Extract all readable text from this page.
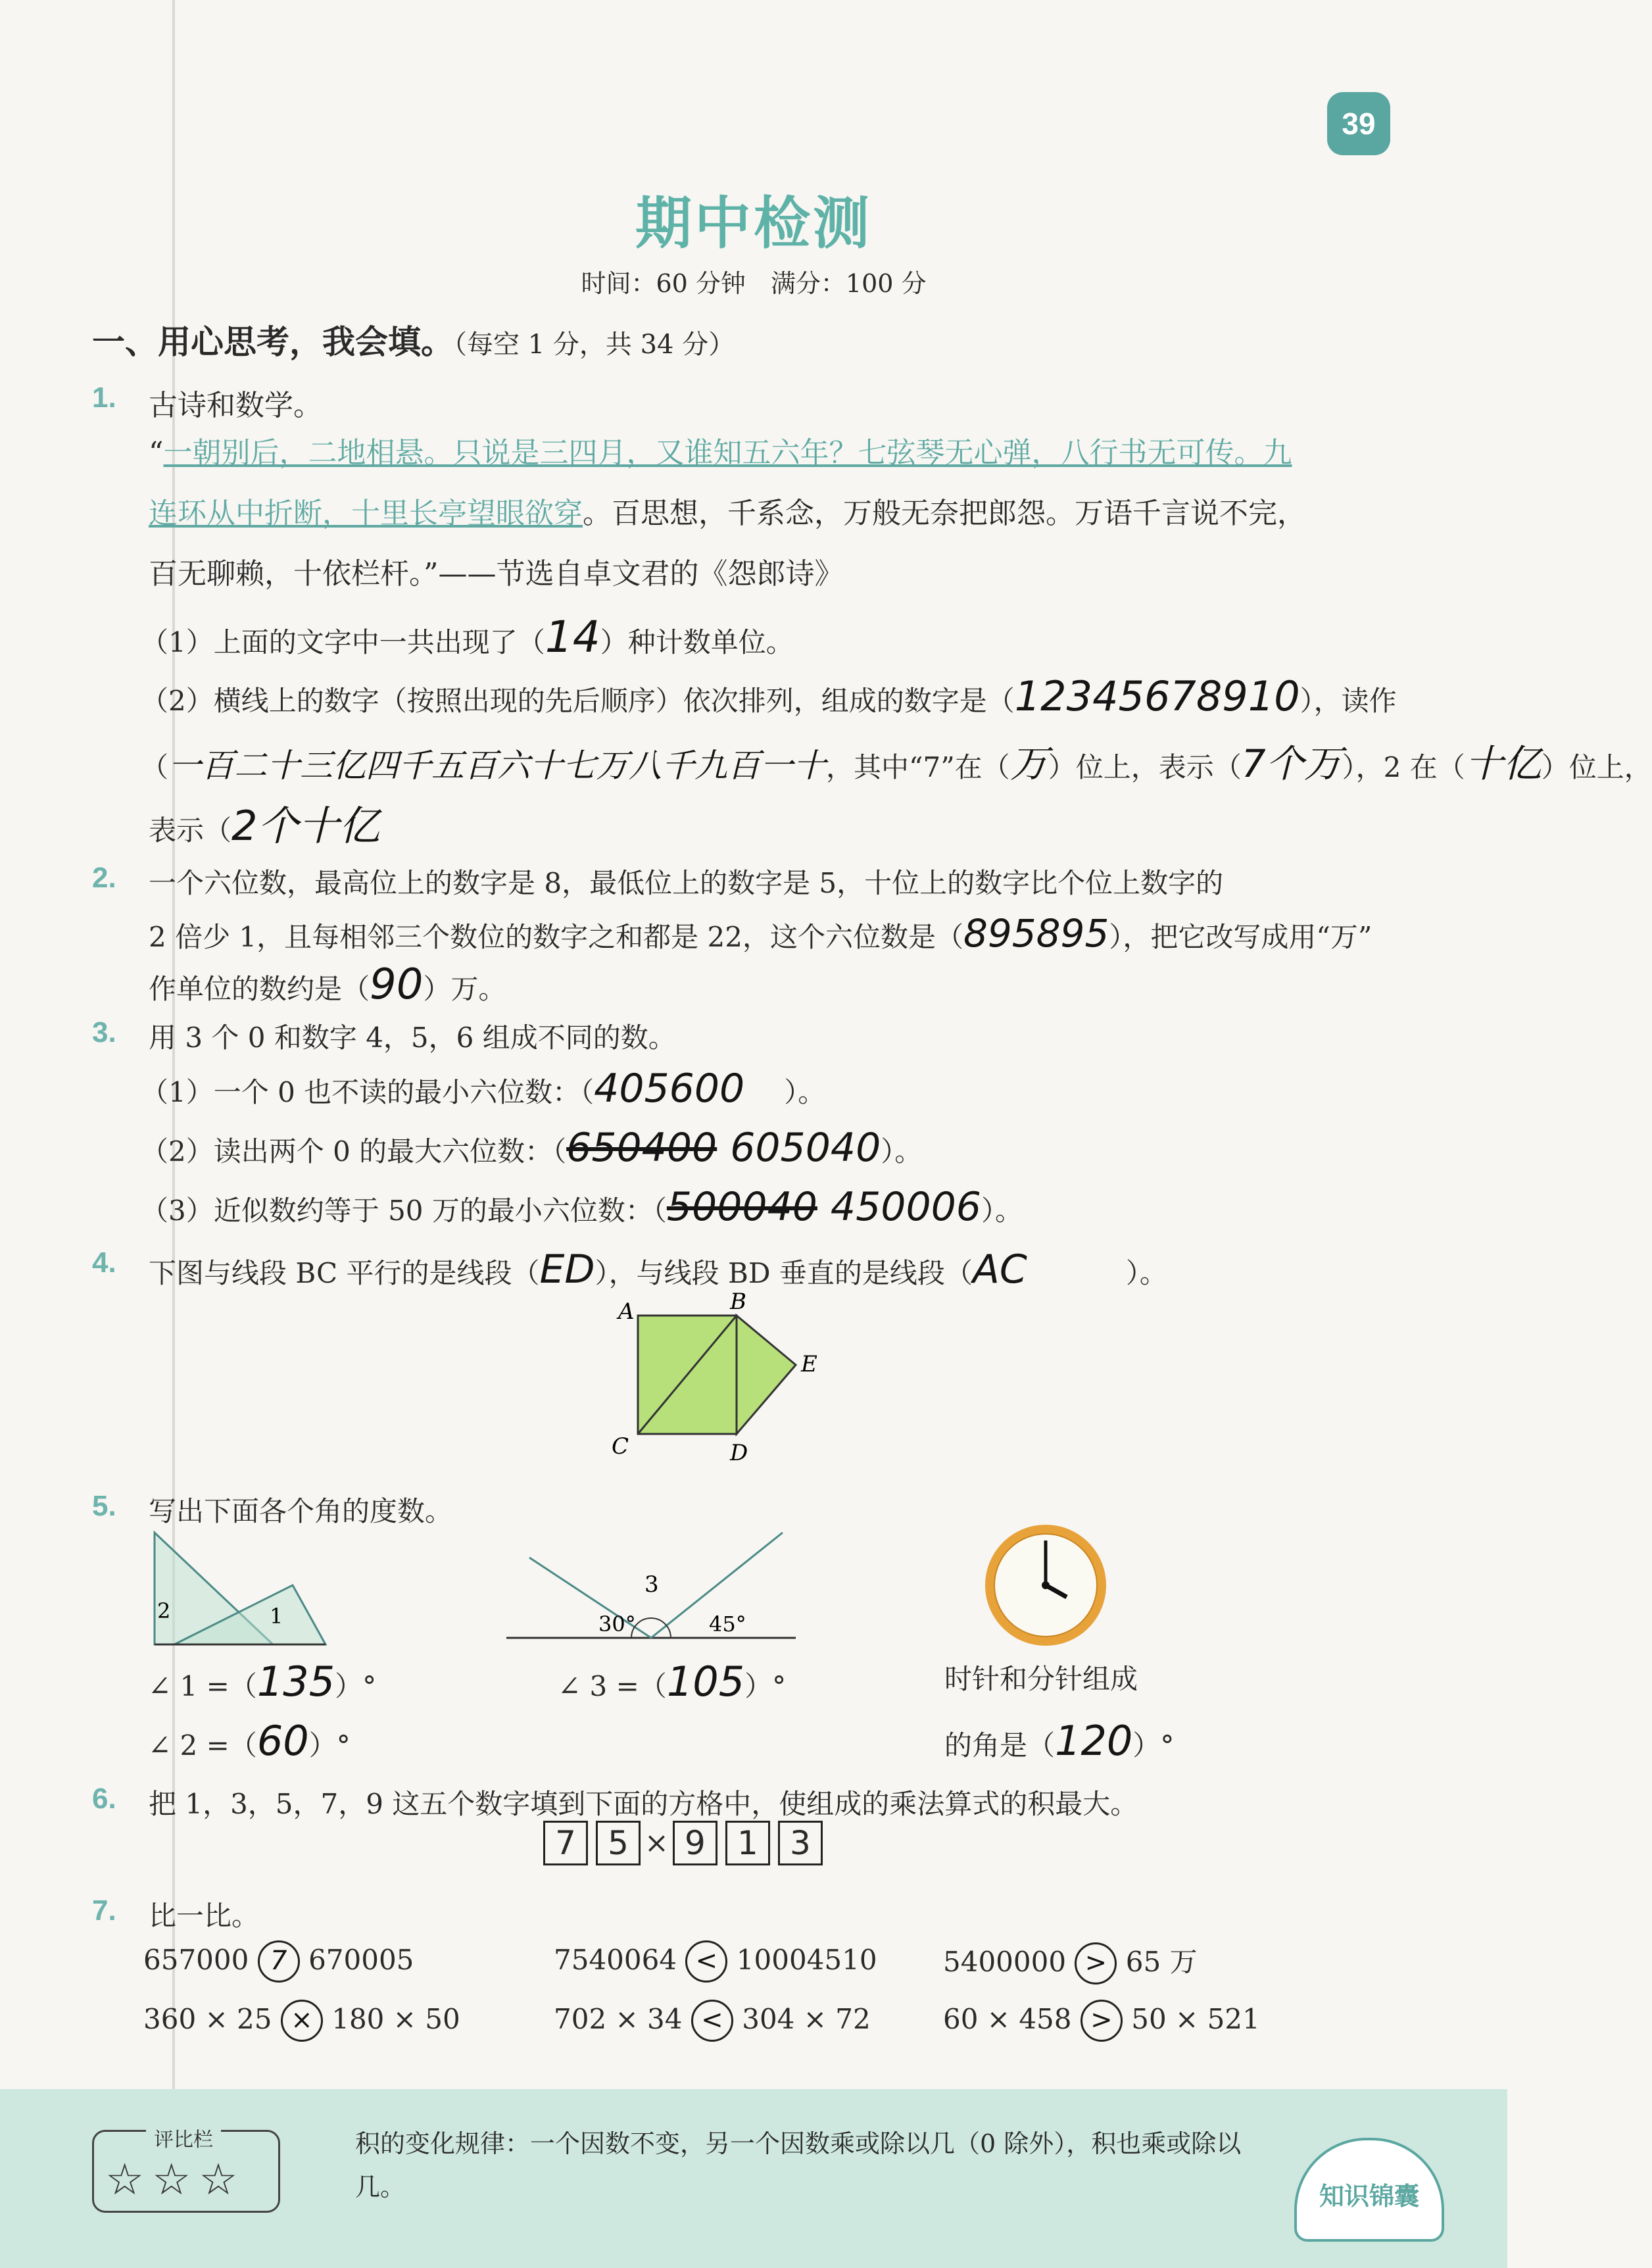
39
期中检测
时间：60 分钟　满分：100 分
一、用心思考，我会填。（每空 1 分，共 34 分）
1. 古诗和数学。
“一朝别后，二地相悬。只说是三四月，又谁知五六年？七弦琴无心弹，八行书无可传。九
连环从中折断，十里长亭望眼欲穿。百思想，千系念，万般无奈把郎怨。万语千言说不完，
百无聊赖，十依栏杆。”——节选自卓文君的《怨郎诗》
（1）上面的文字中一共出现了（14）种计数单位。
（2）横线上的数字（按照出现的先后顺序）依次排列，组成的数字是（12345678910），读作
（一百二十三亿四千五百六十七万八千九百一十，其中“7”在（万）位上，表示（7个万），2 在（十亿）位上，
表示（2个十亿
2. 一个六位数，最高位上的数字是 8，最低位上的数字是 5，十位上的数字比个位上数字的
2 倍少 1，且每相邻三个数位的数字之和都是 22，这个六位数是（895895），把它改写成用“万”
作单位的数约是（90）万。
3. 用 3 个 0 和数字 4，5，6 组成不同的数。
（1）一个 0 也不读的最小六位数：（405600 ）。
（2）读出两个 0 的最大六位数：（650400 605040）。
（3）近似数约等于 50 万的最小六位数：（500040 450006）。
4. 下图与线段 BC 平行的是线段（ED），与线段 BD 垂直的是线段（AC	）。
A	B
E
C	D
5. 写出下面各个角的度数。
2	1
∠ 1 =（135）°
∠ 2 =（60）°
3
30°	45°
∠ 3 =（105）°	时针和分针组成
的角是（120）°
6. 把 1，3，5，7，9 这五个数字填到下面的方格中，使组成的乘法算式的积最大。
7 5 × 9 1 3
7. 比一比。
657000 7 670005	7540064 < 10004510 5400000 > 65 万
360 × 25 × 180 × 50	702 × 34 < 304 × 72	60 × 458 > 50 × 521
评比栏
☆☆☆
积的变化规律：一个因数不变，另一个因数乘或除以几（0 除外），积也乘或除以几。	知识锦囊
